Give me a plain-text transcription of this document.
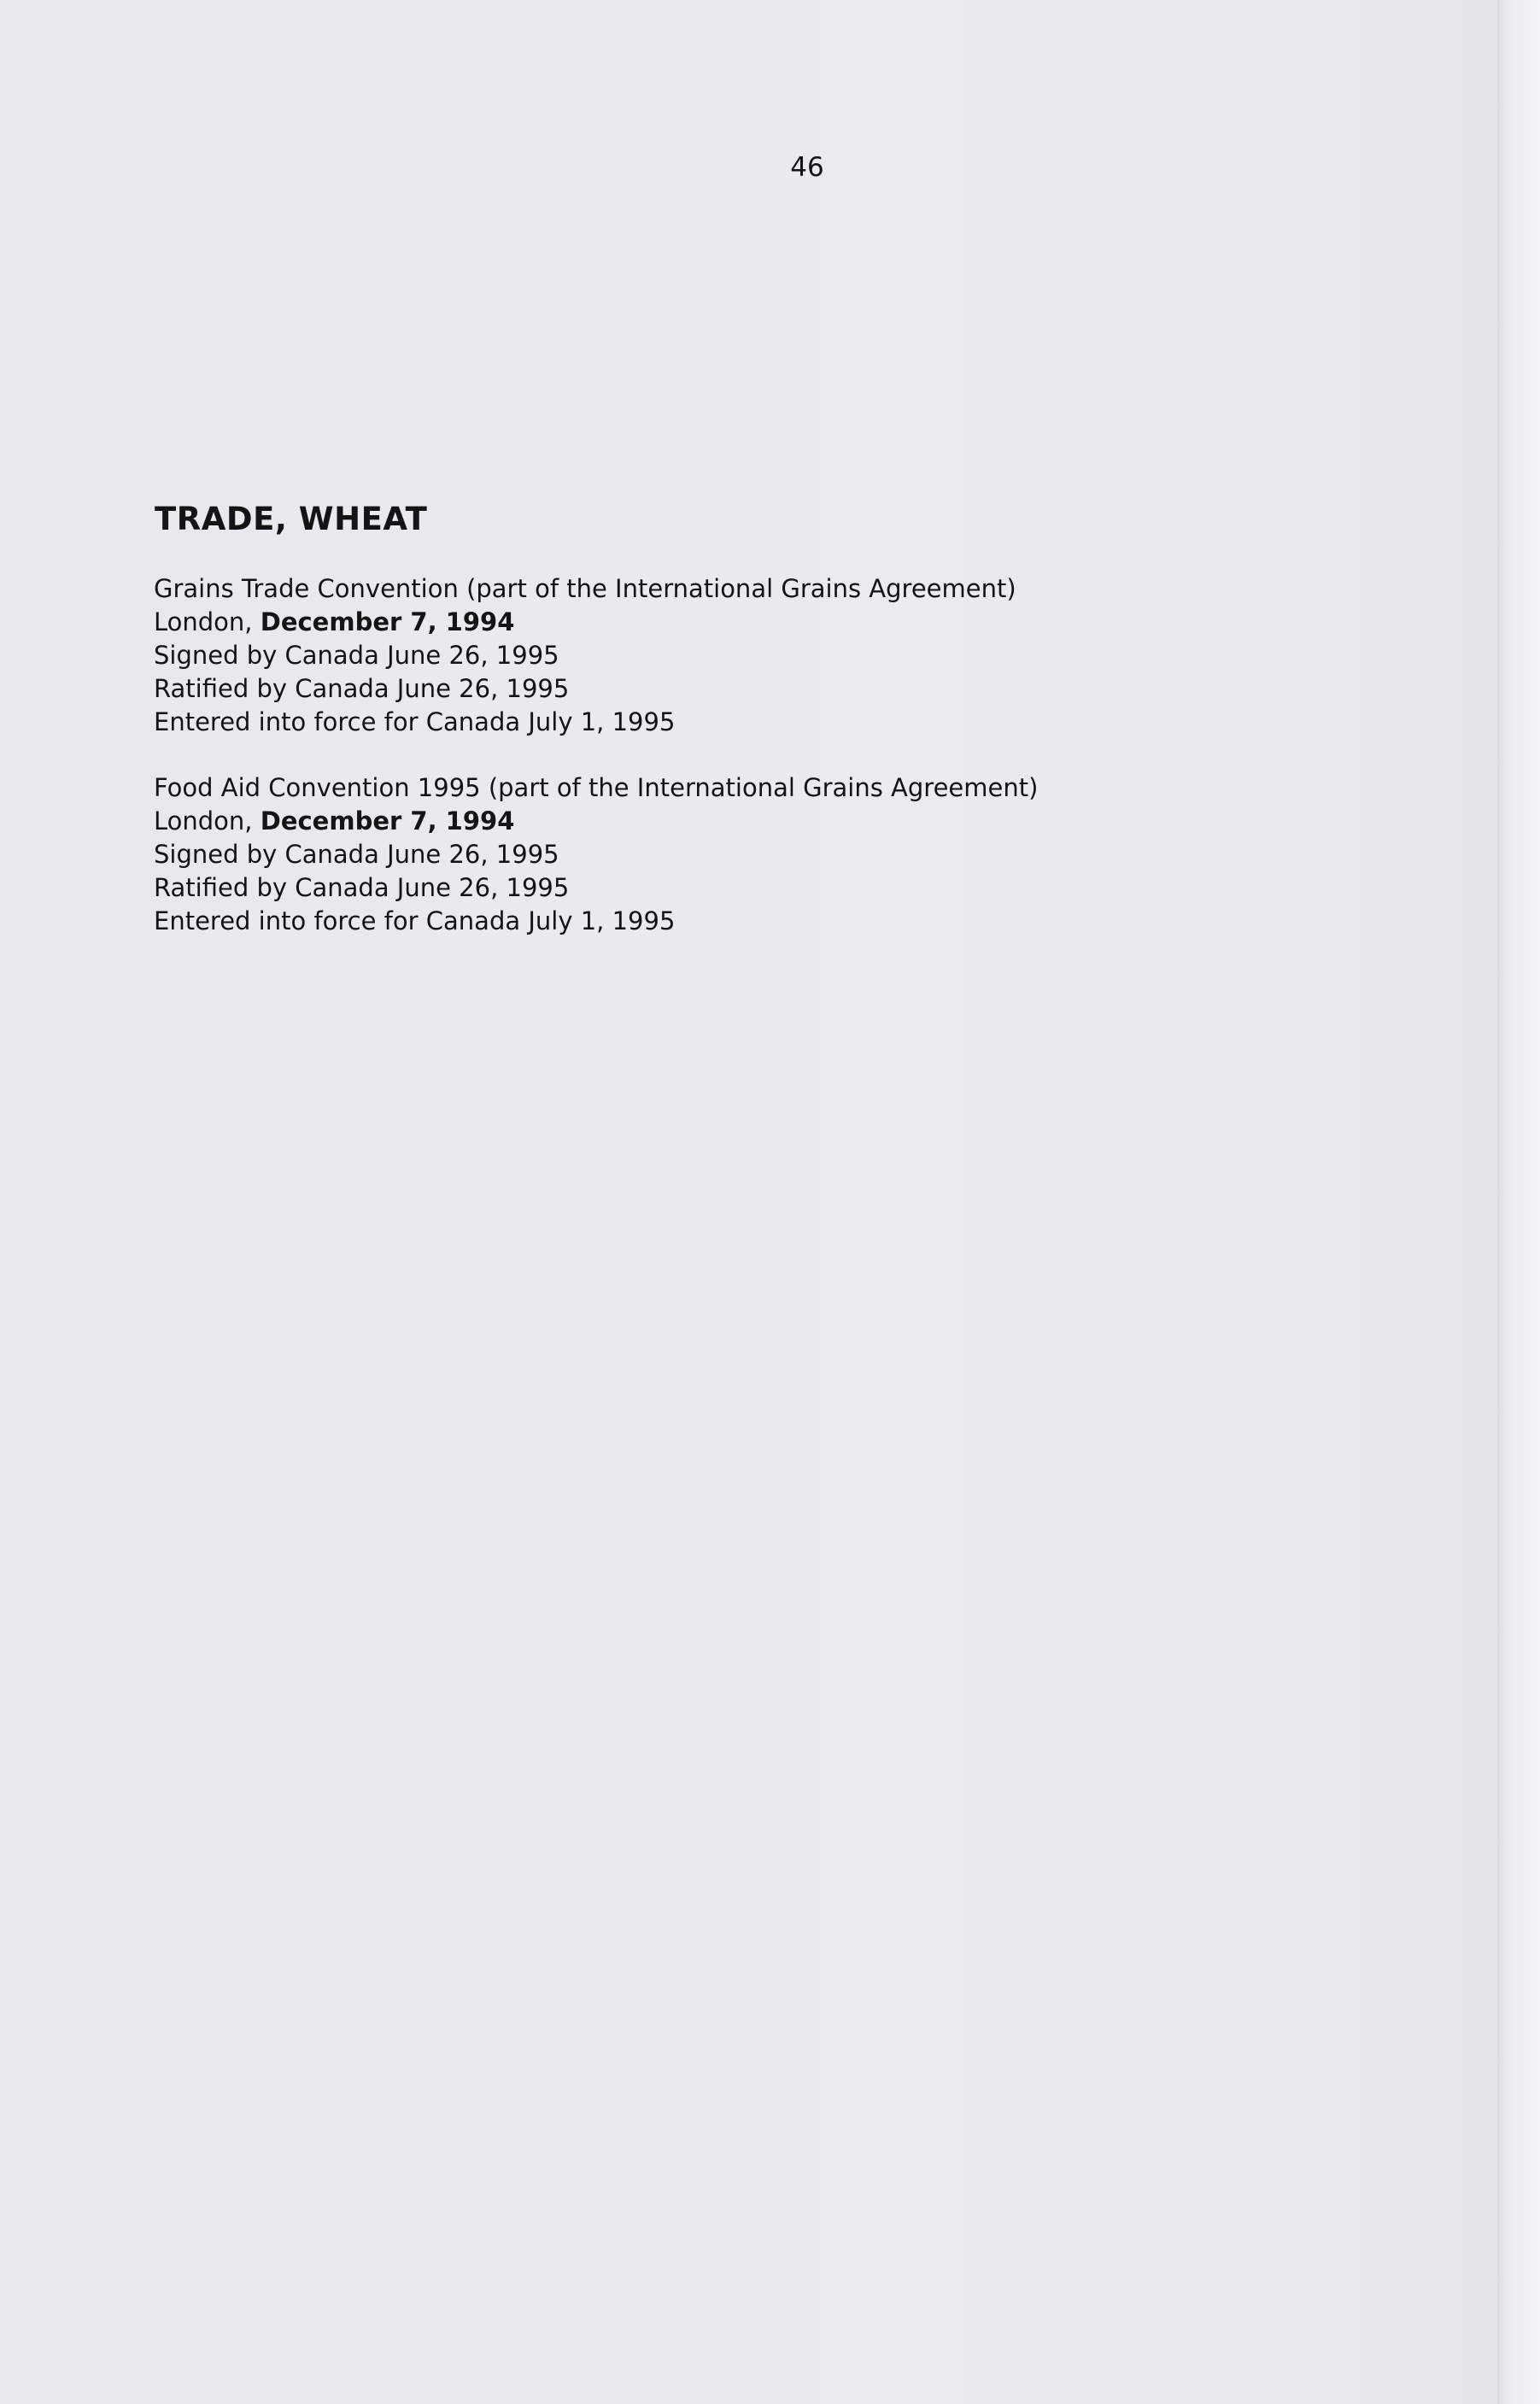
46
TRADE, WHEAT
Grains Trade Convention (part of the International Grains Agreement)
London, December 7, 1994
Signed by Canada June 26, 1995
Ratified by Canada June 26, 1995
Entered into force for Canada July 1, 1995
Food Aid Convention 1995 (part of the International Grains Agreement)
London, December 7, 1994
Signed by Canada June 26, 1995
Ratified by Canada June 26, 1995
Entered into force for Canada July 1, 1995
